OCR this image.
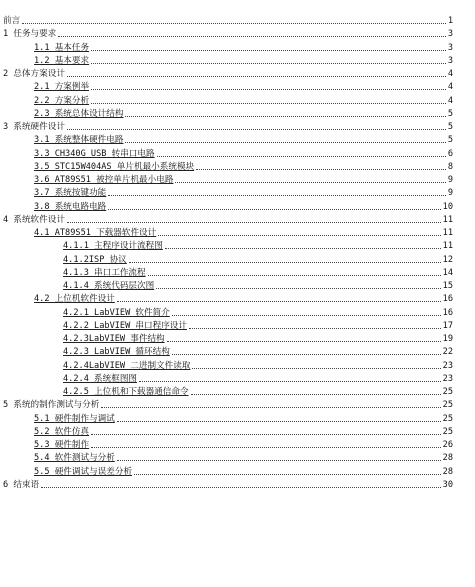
前言	1
1 任务与要求	3
1.1 基本任务	3
1.2 基本要求	3
2 总体方案设计	4
2.1 方案例举	4
2.2 方案分析	4
2.3 系统总体设计结构	5
3 系统硬件设计	5
3.1 系统整体硬件电路	5
3.3 CH340G USB 转串口电路	6
3.5 STC15W404AS 单片机最小系统模块	8
3.6 AT89S51 被控单片机最小电路	9
3.7 系统按键功能	9
3.8 系统电路电路	10
4 系统软件设计	11
4.1 AT89S51 下载器软件设计	11
4.1.1 主程序设计流程图	11
4.1.2ISP 协议	12
4.1.3 串口工作流程	14
4.1.4 系统代码层次图	15
4.2 上位机软件设计	16
4.2.1 LabVIEW 软件简介	16
4.2.2 LabVIEW 串口程序设计	17
4.2.3LabVIEW 事件结构	19
4.2.3 LabVIEW 循环结构	22
4.2.4LabVIEW 二进制文件读取	23
4.2.4 系统框图图	23
4.2.5 上位机和下载器通信命令	25
5 系统的制作测试与分析	25
5.1 硬件制作与调试	25
5.2 软件仿真	25
5.3 硬件制作	26
5.4 软件测试与分析	28
5.5 硬件调试与误差分析	28
6 结束语	30
